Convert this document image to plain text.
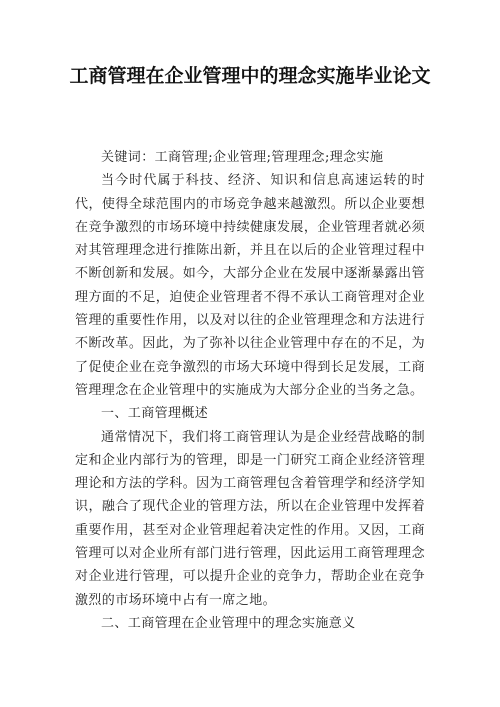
工商管理在企业管理中的理念实施毕业论文

关键词：工商管理;企业管理;管理理念;理念实施

当今时代属于科技、经济、知识和信息高速运转的时代，使得全球范围内的市场竞争越来越激烈。所以企业要想在竞争激烈的市场环境中持续健康发展，企业管理者就必须对其管理理念进行推陈出新，并且在以后的企业管理过程中不断创新和发展。如今，大部分企业在发展中逐渐暴露出管理方面的不足，迫使企业管理者不得不承认工商管理对企业管理的重要性作用，以及对以往的企业管理理念和方法进行不断改革。因此，为了弥补以往企业管理中存在的不足，为了促使企业在竞争激烈的市场大环境中得到长足发展，工商管理理念在企业管理中的实施成为大部分企业的当务之急。

一、工商管理概述

通常情况下，我们将工商管理认为是企业经营战略的制定和企业内部行为的管理，即是一门研究工商企业经济管理理论和方法的学科。因为工商管理包含着管理学和经济学知识，融合了现代企业的管理方法，所以在企业管理中发挥着重要作用，甚至对企业管理起着决定性的作用。又因，工商管理可以对企业所有部门进行管理，因此运用工商管理理念对企业进行管理，可以提升企业的竞争力，帮助企业在竞争激烈的市场环境中占有一席之地。

二、工商管理在企业管理中的理念实施意义
